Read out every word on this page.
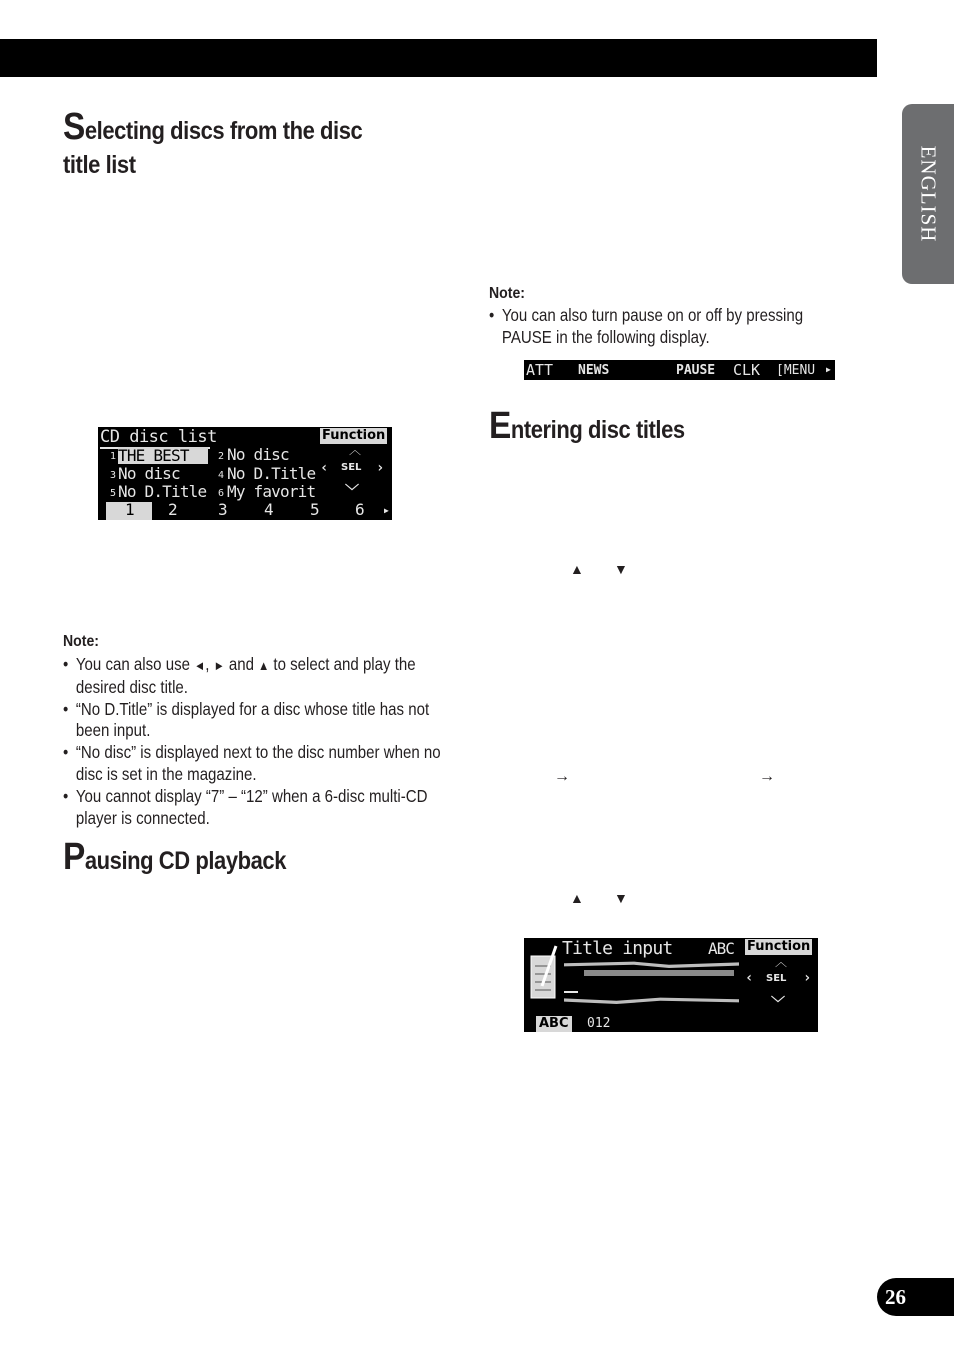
ENGLISH
Selecting discs from the disc
title list
CD disc list	Function
1 THE BEST	2 No disc
3 No disc	4 No D.Title
5 No D.Title 6 My favorit
︿
‹ SEL ›
﹀
1 2	3 4 5 6 ▶
Note:
• You can also use ◄, ► and ▲ to select and play the desired disc title.
• “No D.Title” is displayed for a disc whose title has not been input.
• “No disc” is displayed next to the disc number when no disc is set in the magazine.
• You cannot display “7” – “12” when a 6-disc multi-CD player is connected.
Pausing CD playback
Note:
• You can also turn pause on or off by pressing PAUSE in the following display.
ATT NEWS	PAUSE CLK [MENU ▶
Entering disc titles
▲ ▼
→	→
▲ ▼
Title input ABC Function
︿
‹ SEL ›
﹀
ABC 012
26
